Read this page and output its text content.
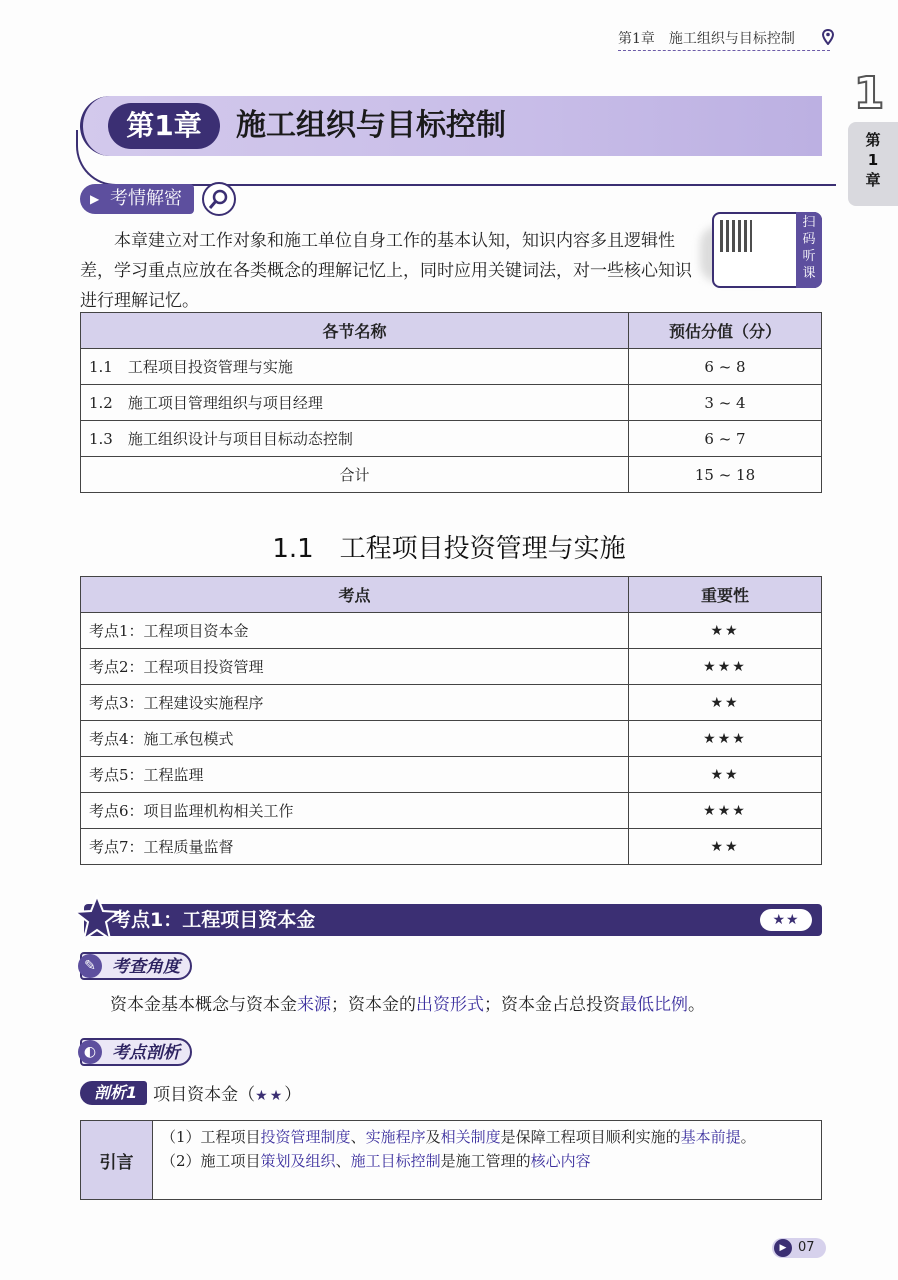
第1章 施工组织与目标控制
1
第
1
章
第1章	施工组织与目标控制
▶ 考情解密
本章建立对工作对象和施工单位自身工作的基本认知，知识内容多且逻辑性差，学习重点应放在各类概念的理解记忆上，同时应用关键词法，对一些核心知识进行理解记忆。
扫
码
听
课
各节名称	预估分值（分）
1.1　工程项目投资管理与实施	6 ~ 8
1.2　施工项目管理组织与项目经理	3 ~ 4
1.3　施工组织设计与项目目标动态控制	6 ~ 7
合计	15 ~ 18
1.1　工程项目投资管理与实施
考点	重要性
考点1：工程项目资本金	★★
考点2：工程项目投资管理	★★★
考点3：工程建设实施程序	★★
考点4：施工承包模式	★★★
考点5：工程监理	★★
考点6：项目监理机构相关工作	★★★
考点7：工程质量监督	★★
考点1：工程项目资本金	★★
考查角度
✎
资本金基本概念与资本金来源；资本金的出资形式；资本金占总投资最低比例。
考点剖析
◐
剖析1 项目资本金（★★）
引言
（1）工程项目投资管理制度、实施程序及相关制度是保障工程项目顺利实施的基本前提。
（2）施工项目策划及组织、施工目标控制是施工管理的核心内容
▶ 07
